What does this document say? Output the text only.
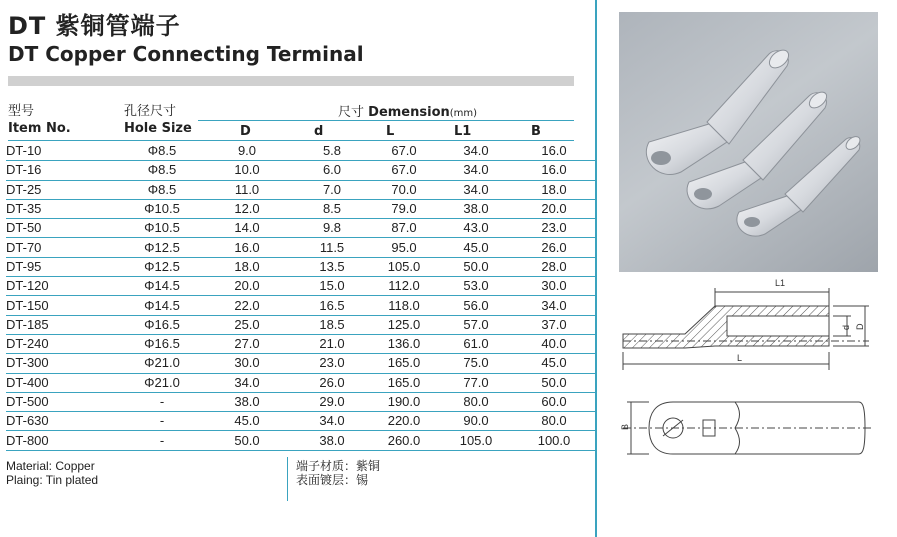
DT 紫铜管端子
DT Copper Connecting Terminal
型号
Item No.
孔径尺寸
Hole Size
尺寸 Demension(mm)
D	d	L	L1	B
DT-10	Φ8.5	9.0	5.8	67.0	34.0	16.0
DT-16	Φ8.5	10.0	6.0	67.0	34.0	16.0
DT-25	Φ8.5	11.0	7.0	70.0	34.0	18.0
DT-35	Φ10.5	12.0	8.5	79.0	38.0	20.0
DT-50	Φ10.5	14.0	9.8	87.0	43.0	23.0
DT-70	Φ12.5	16.0	11.5	95.0	45.0	26.0
DT-95	Φ12.5	18.0	13.5	105.0	50.0	28.0
DT-120	Φ14.5	20.0	15.0	112.0	53.0	30.0
DT-150	Φ14.5	22.0	16.5	118.0	56.0	34.0
DT-185	Φ16.5	25.0	18.5	125.0	57.0	37.0
DT-240	Φ16.5	27.0	21.0	136.0	61.0	40.0
DT-300	Φ21.0	30.0	23.0	165.0	75.0	45.0
DT-400	Φ21.0	34.0	26.0	165.0	77.0	50.0
DT-500	-	38.0	29.0	190.0	80.0	60.0
DT-630	-	45.0	34.0	220.0	90.0	80.0
DT-800	-	50.0	38.0	260.0	105.0	100.0
Material: Copper
Plaing: Tin plated
端子材质：紫铜
表面镀层：锡
L1
d D
L
B
